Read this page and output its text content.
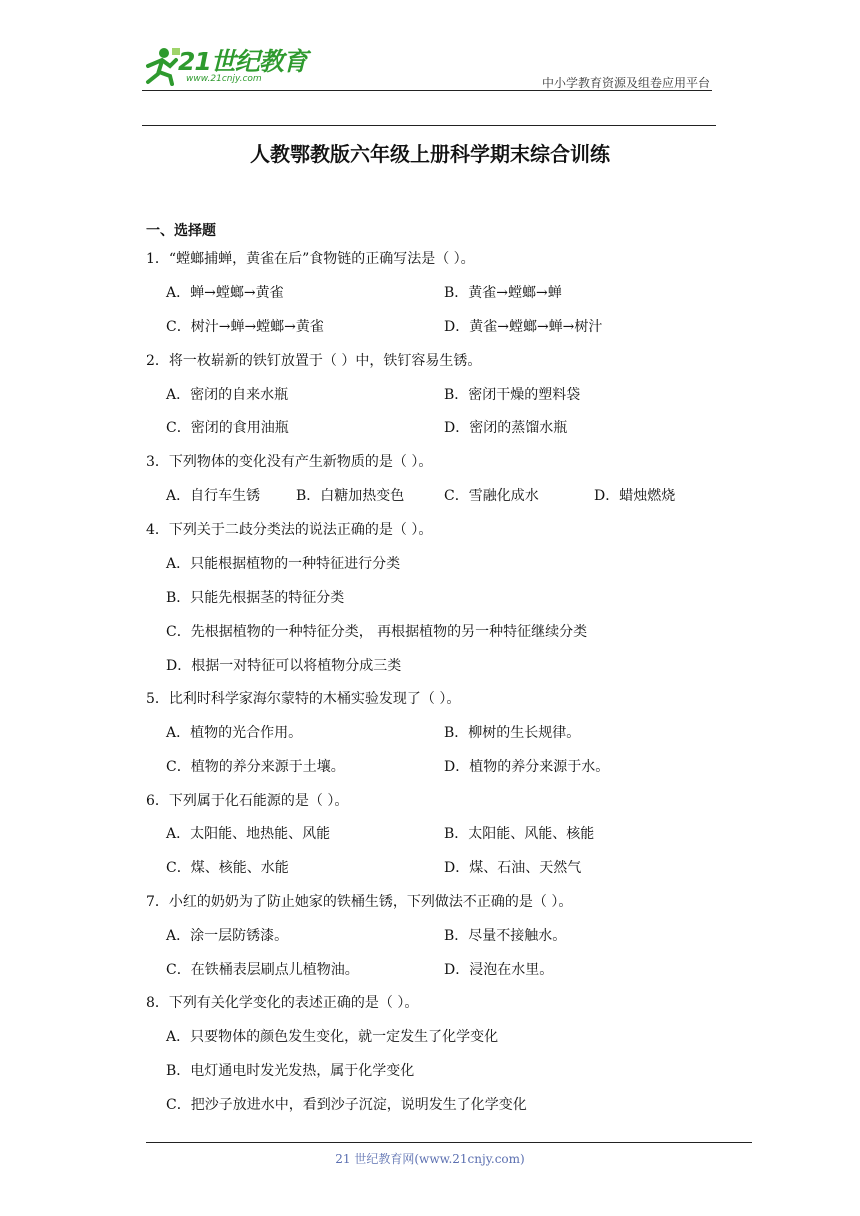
21世纪教育
www.21cnjy.com	中小学教育资源及组卷应用平台
人教鄂教版六年级上册科学期末综合训练
一、选择题
1．“螳螂捕蝉，黄雀在后”食物链的正确写法是（ ）。
A．蝉→螳螂→黄雀	B．黄雀→螳螂→蝉
C．树汁→蝉→螳螂→黄雀	D．黄雀→螳螂→蝉→树汁
2．将一枚崭新的铁钉放置于（ ）中，铁钉容易生锈。
A．密闭的自来水瓶	B．密闭干燥的塑料袋
C．密闭的食用油瓶	D．密闭的蒸馏水瓶
3．下列物体的变化没有产生新物质的是（ ）。
A．自行车生锈	B．白糖加热变色	C．雪融化成水	D．蜡烛燃烧
4．下列关于二歧分类法的说法正确的是（ ）。
A．只能根据植物的一种特征进行分类
B．只能先根据茎的特征分类
C．先根据植物的一种特征分类， 再根据植物的另一种特征继续分类
D．根据一对特征可以将植物分成三类
5．比利时科学家海尔蒙特的木桶实验发现了（ ）。
A．植物的光合作用。	B．柳树的生长规律。
C．植物的养分来源于土壤。	D．植物的养分来源于水。
6．下列属于化石能源的是（ ）。
A．太阳能、地热能、风能	B．太阳能、风能、核能
C．煤、核能、水能	D．煤、石油、天然气
7．小红的奶奶为了防止她家的铁桶生锈，下列做法不正确的是（ ）。
A．涂一层防锈漆。	B．尽量不接触水。
C．在铁桶表层刷点儿植物油。	D．浸泡在水里。
8．下列有关化学变化的表述正确的是（ ）。
A．只要物体的颜色发生变化，就一定发生了化学变化
B．电灯通电时发光发热，属于化学变化
C．把沙子放进水中，看到沙子沉淀，说明发生了化学变化
21 世纪教育网(www.21cnjy.com)
